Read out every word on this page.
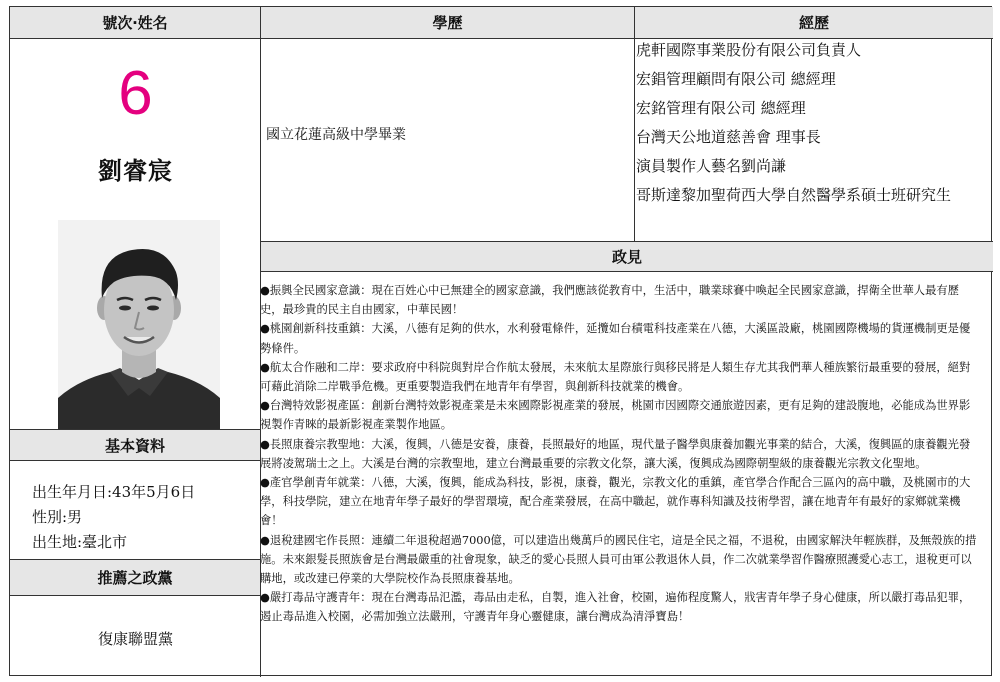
號次‧姓名	學歷	經歷
政見
基本資料
推薦之政黨
6
劉睿宸
出生年月日:43年5月6日
性別:男
出生地:臺北市
復康聯盟黨
國立花蓮高級中學畢業
虎軒國際事業股份有限公司負責人
宏錩管理顧問有限公司 總經理
宏銘管理有限公司 總經理
台灣天公地道慈善會 理事長
演員製作人藝名劉尚謙
哥斯達黎加聖荷西大學自然醫學系碩士班研究生
●振興全民國家意識：現在百姓心中已無建全的國家意識，我們應該從教育中，生活中，職業球賽中喚起全民國家意識，捍衛全世華人最有歷史，最珍貴的民主自由國家，中華民國！
●桃園創新科技重鎮：大溪，八德有足夠的供水，水利發電條件，延攬如台積電科技產業在八德，大溪區設廠，桃園國際機場的貨運機制更是優勢條件。
●航太合作融和二岸：要求政府中科院與對岸合作航太發展，未來航太星際旅行與移民將是人類生存尤其我們華人種族繁衍最重要的發展，絕對可藉此消除二岸戰爭危機。更重要製造我們在地青年有學習，與創新科技就業的機會。
●台灣特效影視產區：創新台灣特效影視產業是未來國際影視產業的發展，桃園市因國際交通旅遊因素，更有足夠的建設腹地，必能成為世界影視製作青睞的最新影視產業製作地區。
●長照康養宗教聖地：大溪，復興，八德是安養，康養，長照最好的地區，現代量子醫學與康養加觀光事業的結合，大溪，復興區的康養觀光發展將凌駕瑞士之上。大溪是台灣的宗教聖地，建立台灣最重要的宗教文化祭，讓大溪，復興成為國際朝聖級的康養觀光宗教文化聖地。
●產官學創青年就業：八德，大溪，復興，能成為科技，影視，康養，觀光，宗教文化的重鎮，產官學合作配合三區內的高中職，及桃園市的大學，科技學院，建立在地青年學子最好的學習環境，配合產業發展，在高中職起，就作專科知識及技術學習，讓在地青年有最好的家鄉就業機會！
●退稅建國宅作長照：連續二年退稅超過7000億，可以建造出幾萬戶的國民住宅，這是全民之福，不退稅，由國家解決年輕族群，及無殼族的措施。未來銀髮長照族會是台灣最嚴重的社會現象，缺乏的愛心長照人員可由軍公教退休人員，作二次就業學習作醫療照護愛心志工，退稅更可以購地，或改建已停業的大學院校作為長照康養基地。
●嚴打毒品守護青年：現在台灣毒品氾濫，毒品由走私，自製，進入社會，校園，遍佈程度驚人，戕害青年學子身心健康，所以嚴打毒品犯罪，遏止毒品進入校園，必需加強立法嚴刑，守護青年身心靈健康，讓台灣成為清淨寶島！
